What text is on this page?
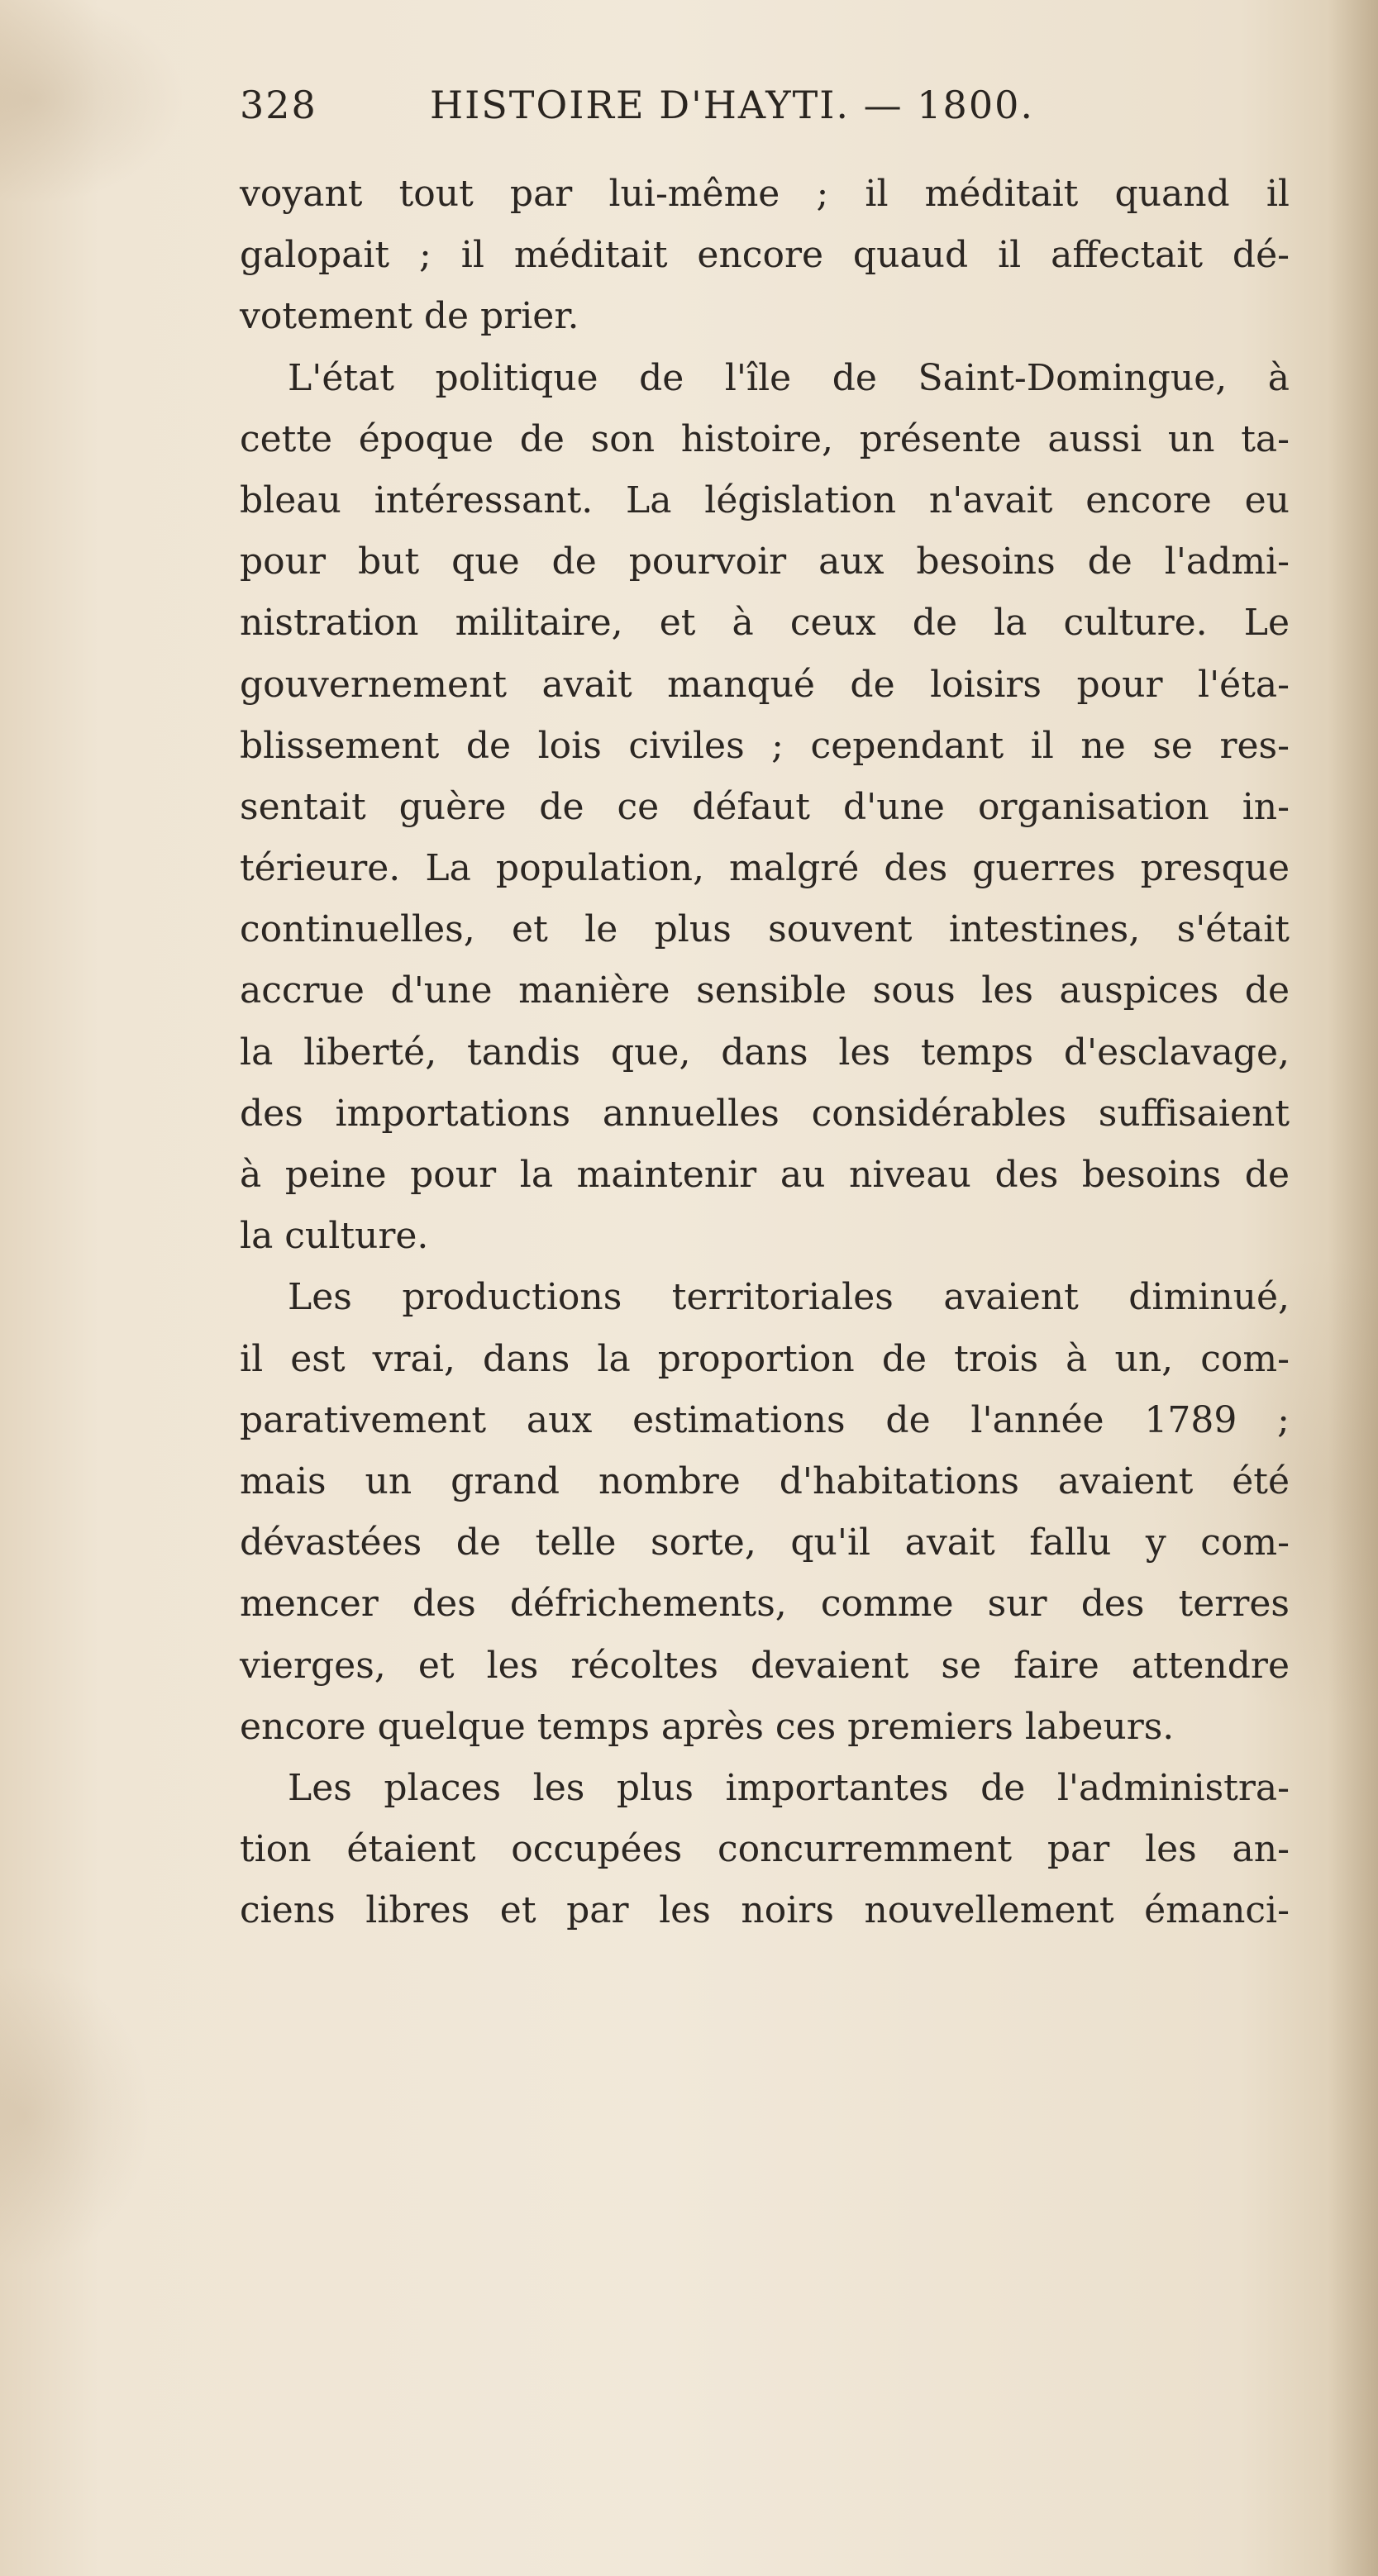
328	HISTOIRE D'HAYTI. — 1800.
voyant tout par lui-même ; il méditait quand il
galopait ; il méditait encore quaud il affectait dé-
votement de prier.
L'état politique de l'île de Saint-Domingue, à
cette époque de son histoire, présente aussi un ta-
bleau intéressant. La législation n'avait encore eu
pour but que de pourvoir aux besoins de l'admi-
nistration militaire, et à ceux de la culture. Le
gouvernement avait manqué de loisirs pour l'éta-
blissement de lois civiles ; cependant il ne se res-
sentait guère de ce défaut d'une organisation in-
térieure. La population, malgré des guerres presque
continuelles, et le plus souvent intestines, s'était
accrue d'une manière sensible sous les auspices de
la liberté, tandis que, dans les temps d'esclavage,
des importations annuelles considérables suffisaient
à peine pour la maintenir au niveau des besoins de
la culture.
Les productions territoriales avaient diminué,
il est vrai, dans la proportion de trois à un, com-
parativement aux estimations de l'année 1789 ;
mais un grand nombre d'habitations avaient été
dévastées de telle sorte, qu'il avait fallu y com-
mencer des défrichements, comme sur des terres
vierges, et les récoltes devaient se faire attendre
encore quelque temps après ces premiers labeurs.
Les places les plus importantes de l'administra-
tion étaient occupées concurremment par les an-
ciens libres et par les noirs nouvellement émanci-
